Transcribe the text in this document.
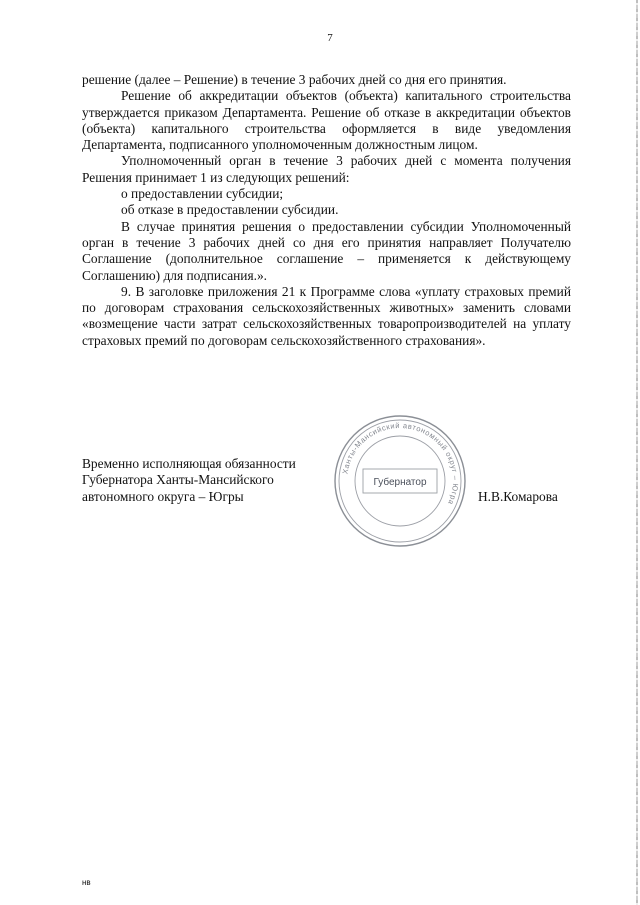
7

решение (далее – Решение) в течение 3 рабочих дней со дня его принятия.

Решение об аккредитации объектов (объекта) капитального строительства утверждается приказом Департамента. Решение об отказе в аккредитации объектов (объекта) капитального строительства оформляется в виде уведомления Департамента, подписанного уполномоченным должностным лицом.

Уполномоченный орган в течение 3 рабочих дней с момента получения Решения принимает 1 из следующих решений:

о предоставлении субсидии;

об отказе в предоставлении субсидии.

В случае принятия решения о предоставлении субсидии Уполномоченный орган в течение 3 рабочих дней со дня его принятия направляет Получателю Соглашение (дополнительное соглашение – применяется к действующему Соглашению) для подписания.».

9. В заголовке приложения 21 к Программе слова «уплату страховых премий по договорам страхования сельскохозяйственных животных» заменить словами «возмещение части затрат сельскохозяйственных товаропроизводителей на уплату страховых премий по договорам сельскохозяйственного страхования».

Временно исполняющая обязанности
Губернатора Ханты-Мансийского
автономного округа – Югры
Ханты-Мансийский автономный округ – Югра
Губернатор
Н.В.Комарова
нв
